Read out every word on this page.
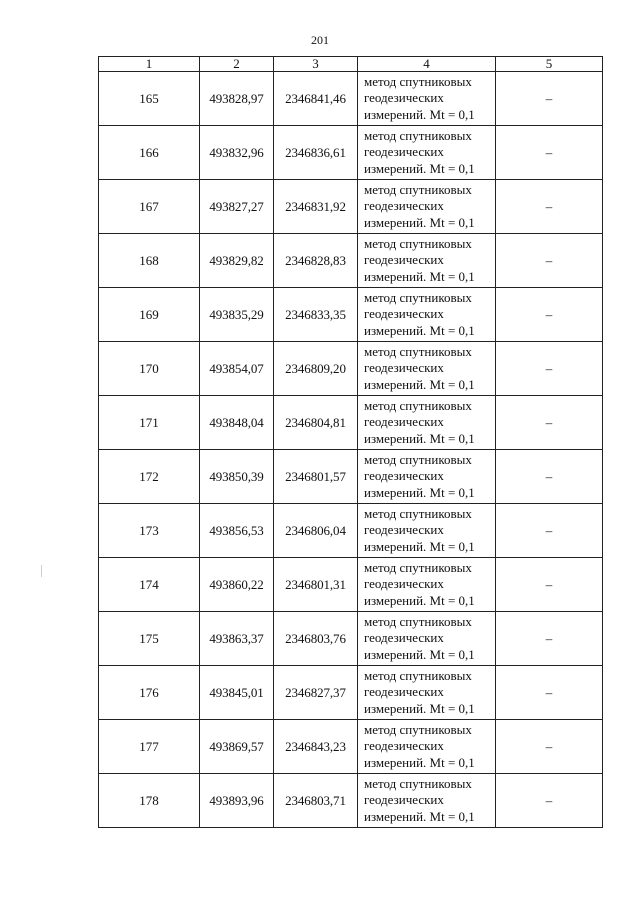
201
1	2	3	4	5
165	493828,97	2346841,46	метод спутниковых
геодезических
измерений. Mt = 0,1	–
166	493832,96	2346836,61	метод спутниковых
геодезических
измерений. Mt = 0,1	–
167	493827,27	2346831,92	метод спутниковых
геодезических
измерений. Mt = 0,1	–
168	493829,82	2346828,83	метод спутниковых
геодезических
измерений. Mt = 0,1	–
169	493835,29	2346833,35	метод спутниковых
геодезических
измерений. Mt = 0,1	–
170	493854,07	2346809,20	метод спутниковых
геодезических
измерений. Mt = 0,1	–
171	493848,04	2346804,81	метод спутниковых
геодезических
измерений. Mt = 0,1	–
172	493850,39	2346801,57	метод спутниковых
геодезических
измерений. Mt = 0,1	–
173	493856,53	2346806,04	метод спутниковых
геодезических
измерений. Mt = 0,1	–
174	493860,22	2346801,31	метод спутниковых
геодезических
измерений. Mt = 0,1	–
175	493863,37	2346803,76	метод спутниковых
геодезических
измерений. Mt = 0,1	–
176	493845,01	2346827,37	метод спутниковых
геодезических
измерений. Mt = 0,1	–
177	493869,57	2346843,23	метод спутниковых
геодезических
измерений. Mt = 0,1	–
178	493893,96	2346803,71	метод спутниковых
геодезических
измерений. Mt = 0,1	–
